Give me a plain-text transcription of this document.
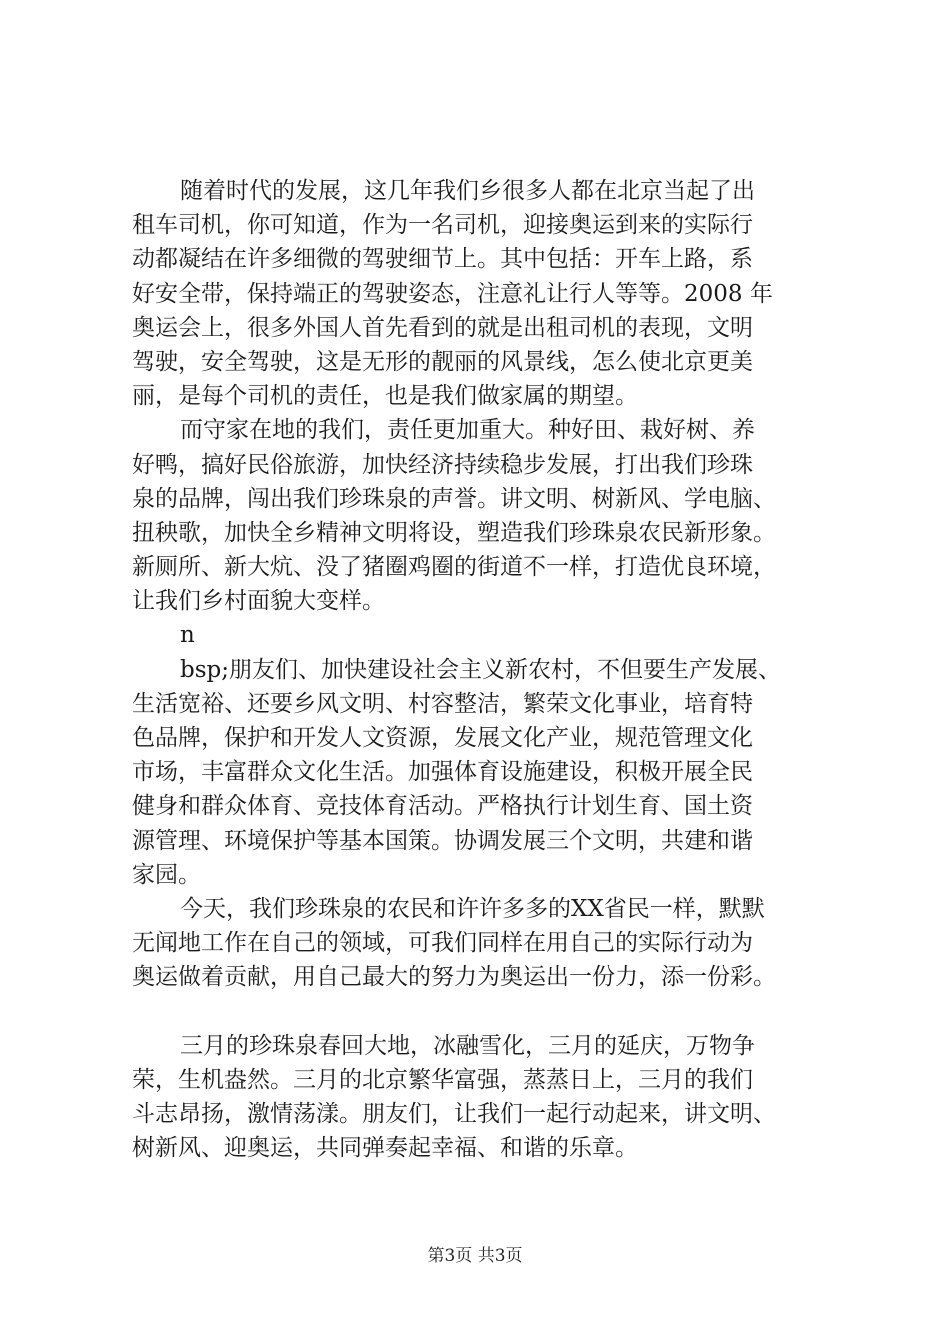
随着时代的发展，这几年我们乡很多人都在北京当起了出
租车司机，你可知道，作为一名司机，迎接奥运到来的实际行
动都凝结在许多细微的驾驶细节上。其中包括：开车上路，系
好安全带，保持端正的驾驶姿态，注意礼让行人等等。2008 年
奥运会上，很多外国人首先看到的就是出租司机的表现，文明
驾驶，安全驾驶，这是无形的靓丽的风景线，怎么使北京更美
丽，是每个司机的责任，也是我们做家属的期望。
而守家在地的我们，责任更加重大。种好田、栽好树、养
好鸭，搞好民俗旅游，加快经济持续稳步发展，打出我们珍珠
泉的品牌，闯出我们珍珠泉的声誉。讲文明、树新风、学电脑、
扭秧歌，加快全乡精神文明将设，塑造我们珍珠泉农民新形象。
新厕所、新大炕、没了猪圈鸡圈的街道不一样，打造优良环境，
让我们乡村面貌大变样。
n
bsp;朋友们、加快建设社会主义新农村，不但要生产发展、
生活宽裕、还要乡风文明、村容整洁，繁荣文化事业，培育特
色品牌，保护和开发人文资源，发展文化产业，规范管理文化
市场，丰富群众文化生活。加强体育设施建设，积极开展全民
健身和群众体育、竞技体育活动。严格执行计划生育、国土资
源管理、环境保护等基本国策。协调发展三个文明，共建和谐
家园。
今天，我们珍珠泉的农民和许许多多的XX省民一样，默默
无闻地工作在自己的领域，可我们同样在用自己的实际行动为
奥运做着贡献，用自己最大的努力为奥运出一份力，添一份彩。
三月的珍珠泉春回大地，冰融雪化，三月的延庆，万物争
荣，生机盎然。三月的北京繁华富强，蒸蒸日上，三月的我们
斗志昂扬，激情荡漾。朋友们，让我们一起行动起来，讲文明、
树新风、迎奥运，共同弹奏起幸福、和谐的乐章。
第3页 共3页
